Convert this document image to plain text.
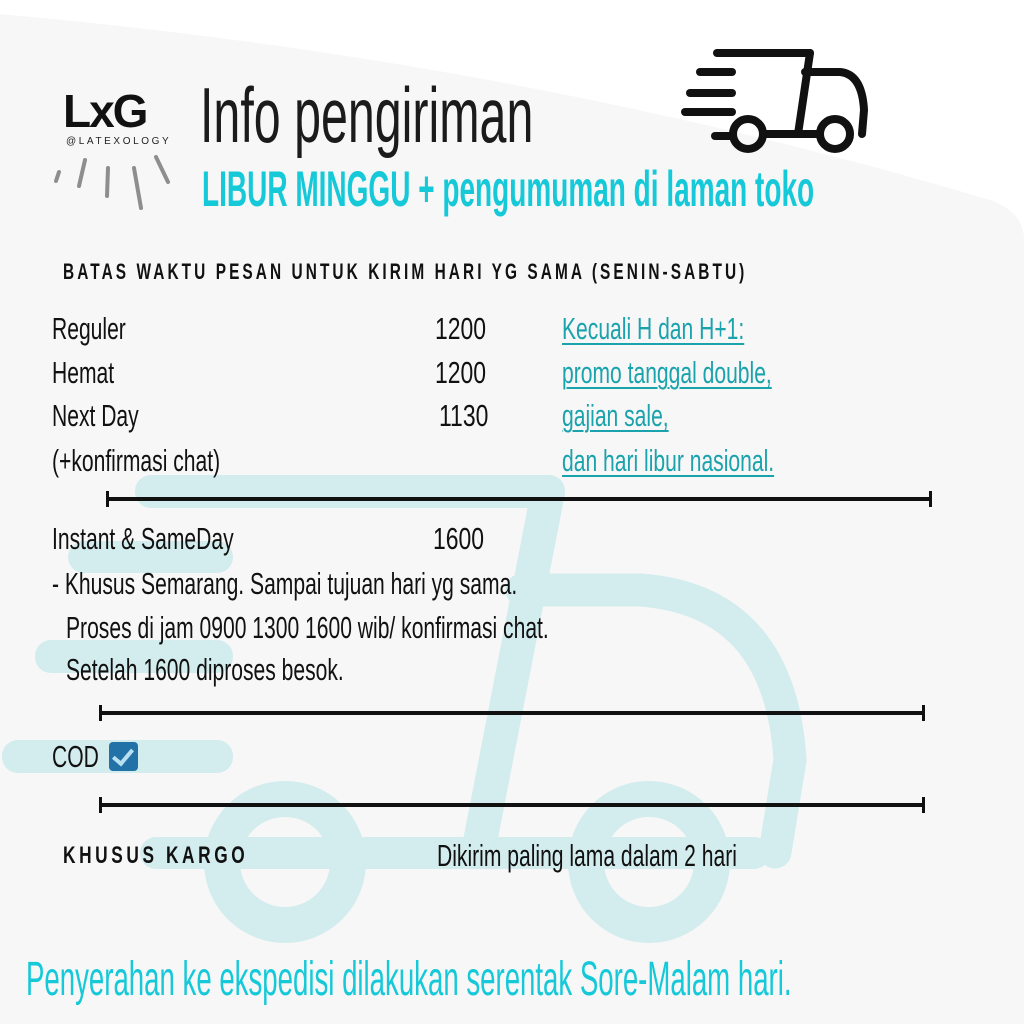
LxG
@LATEXOLOGY Info pengiriman
LIBUR MINGGU + pengumuman di laman toko
BATAS WAKTU PESAN UNTUK KIRIM HARI YG SAMA (SENIN-SABTU)
Reguler
Hemat
Next Day
(+konfirmasi chat)
1200
1200
1130
Kecuali H dan H+1:
promo tanggal double,
gajian sale,
dan hari libur nasional.
Instant & SameDay	1600
- Khusus Semarang. Sampai tujuan hari yg sama.
Proses di jam 0900 1300 1600 wib/ konfirmasi chat.
Setelah 1600 diproses besok.
COD
KHUSUS KARGO	Dikirim paling lama dalam 2 hari
Penyerahan ke ekspedisi dilakukan serentak Sore-Malam hari.
